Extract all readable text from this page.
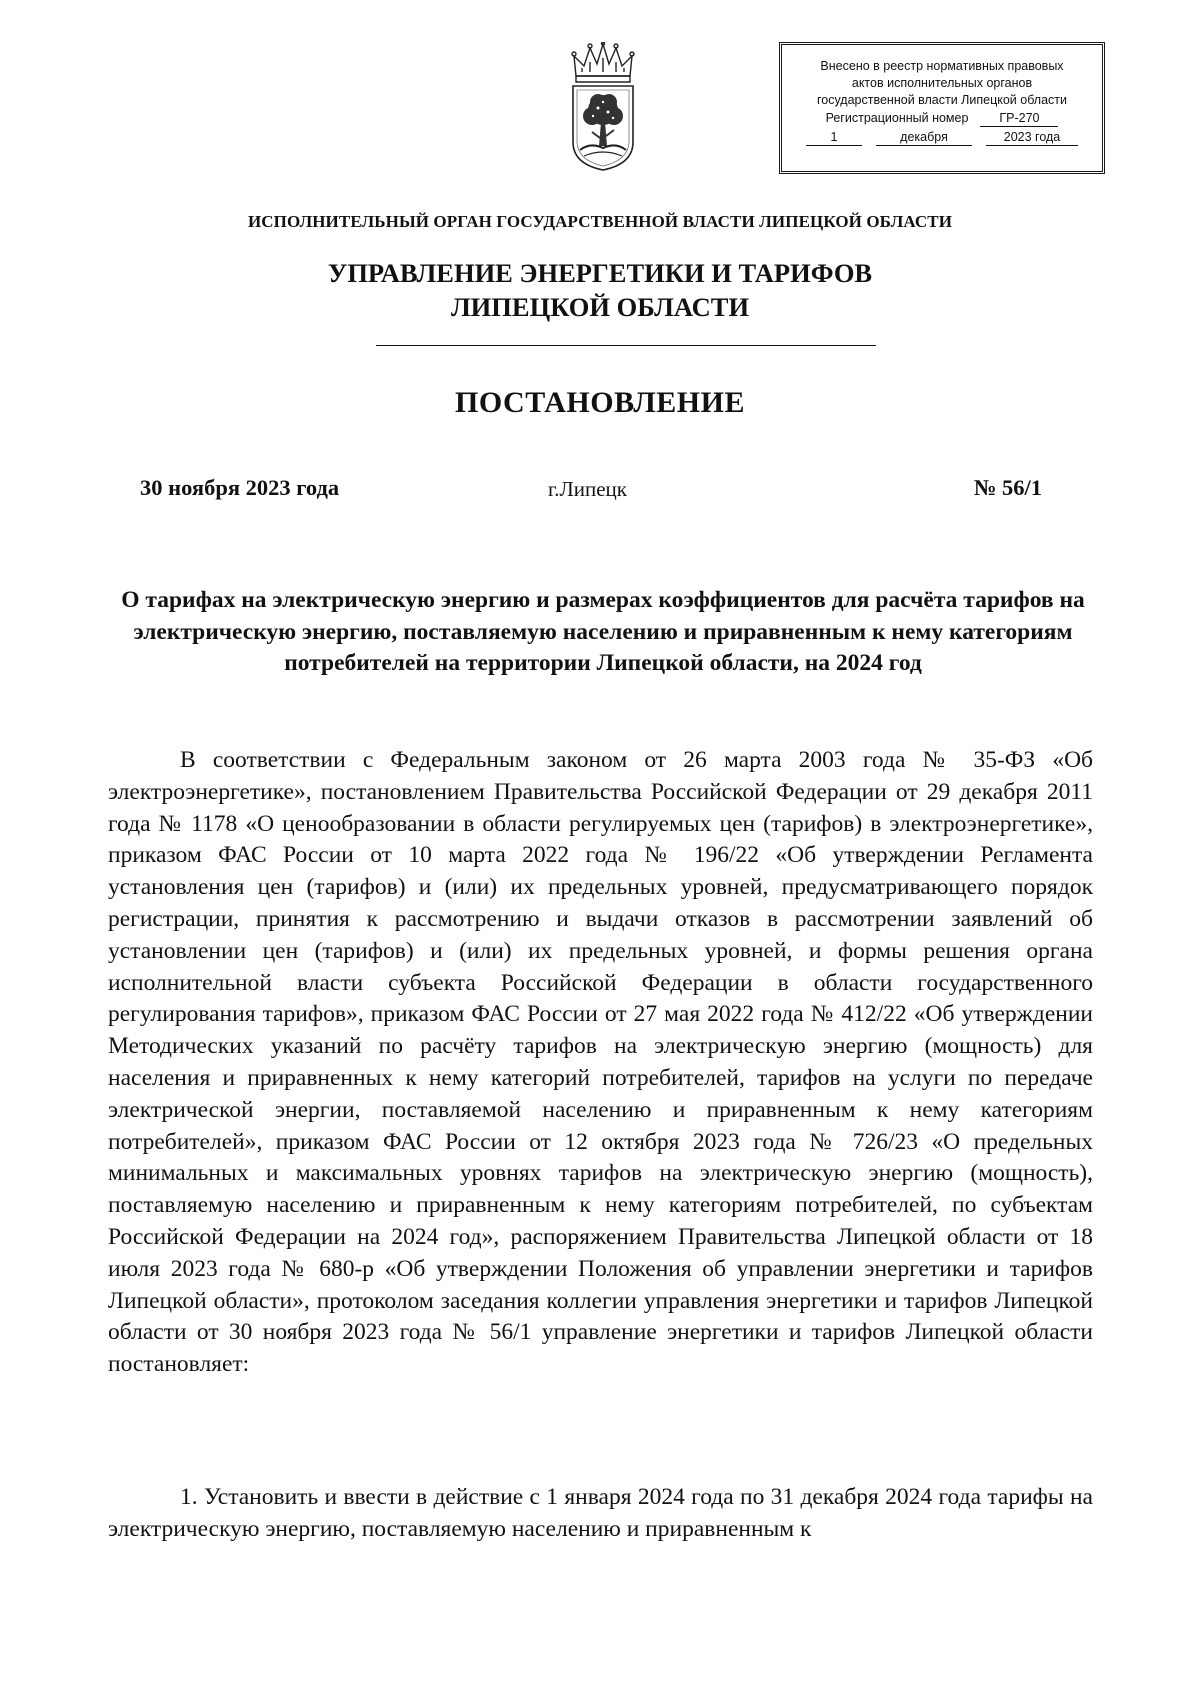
Внесено в реестр нормативных правовых
актов исполнительных органов
государственной власти Липецкой области
Регистрационный номер	ГР-270
1	декабря	2023 года
ИСПОЛНИТЕЛЬНЫЙ ОРГАН ГОСУДАРСТВЕННОЙ ВЛАСТИ ЛИПЕЦКОЙ ОБЛАСТИ
УПРАВЛЕНИЕ ЭНЕРГЕТИКИ И ТАРИФОВ
ЛИПЕЦКОЙ ОБЛАСТИ
ПОСТАНОВЛЕНИЕ
30 ноября 2023 года	г.Липецк	№ 56/1
О тарифах на электрическую энергию и размерах коэффициентов для расчёта тарифов на электрическую энергию, поставляемую населению и приравненным к нему категориям потребителей на территории Липецкой области, на 2024 год

В соответствии с Федеральным законом от 26 марта 2003 года № 35-ФЗ «Об электроэнергетике», постановлением Правительства Российской Федерации от 29 декабря 2011 года № 1178 «О ценообразовании в области регулируемых цен (тарифов) в электроэнергетике», приказом ФАС России от 10 марта 2022 года № 196/22 «Об утверждении Регламента установления цен (тарифов) и (или) их предельных уровней, предусматривающего порядок регистрации, принятия к рассмотрению и выдачи отказов в рассмотрении заявлений об установлении цен (тарифов) и (или) их предельных уровней, и формы решения органа исполнительной власти субъекта Российской Федерации в области государственного регулирования тарифов», приказом ФАС России от 27 мая 2022 года № 412/22 «Об утверждении Методических указаний по расчёту тарифов на электрическую энергию (мощность) для населения и приравненных к нему категорий потребителей, тарифов на услуги по передаче электрической энергии, поставляемой населению и приравненным к нему категориям потребителей», приказом ФАС России от 12 октября 2023 года № 726/23 «О предельных минимальных и максимальных уровнях тарифов на электрическую энергию (мощность), поставляемую населению и приравненным к нему категориям потребителей, по субъектам Российской Федерации на 2024 год», распоряжением Правительства Липецкой области от 18 июля 2023 года № 680-р «Об утверждении Положения об управлении энергетики и тарифов Липецкой области», протоколом заседания коллегии управления энергетики и тарифов Липецкой области от 30 ноября 2023 года № 56/1 управление энергетики и тарифов Липецкой области постановляет:

1. Установить и ввести в действие с 1 января 2024 года по 31 декабря 2024 года тарифы на электрическую энергию, поставляемую населению и приравненным к
